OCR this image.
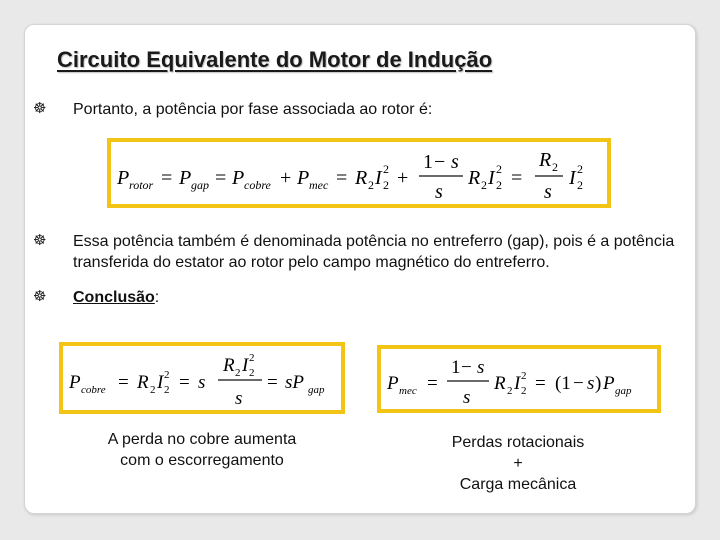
Circuito Equivalente do Motor de Indução
☸ Portanto, a potência por fase associada ao rotor é:
P rotor = P gap = P cobre + P mec = R 2 I 2
2 +
1 − s
s
R 2 I 2
2 =
R 2
s
I 2
2
☸ Essa potência também é denominada potência no entreferro (gap), pois é a potência transferida do estator ao rotor pelo campo magnético do entreferro.
☸ Conclusão:
P cobre = R 2 I 2
2 = s
R 2 I 2
2
s
= sP gap	P mec =
1 − s
s
R 2 I 2
2 = (1 − s ) P gap
A perda no cobre aumenta
com o escorregamento
Perdas rotacionais
+
Carga mecânica
